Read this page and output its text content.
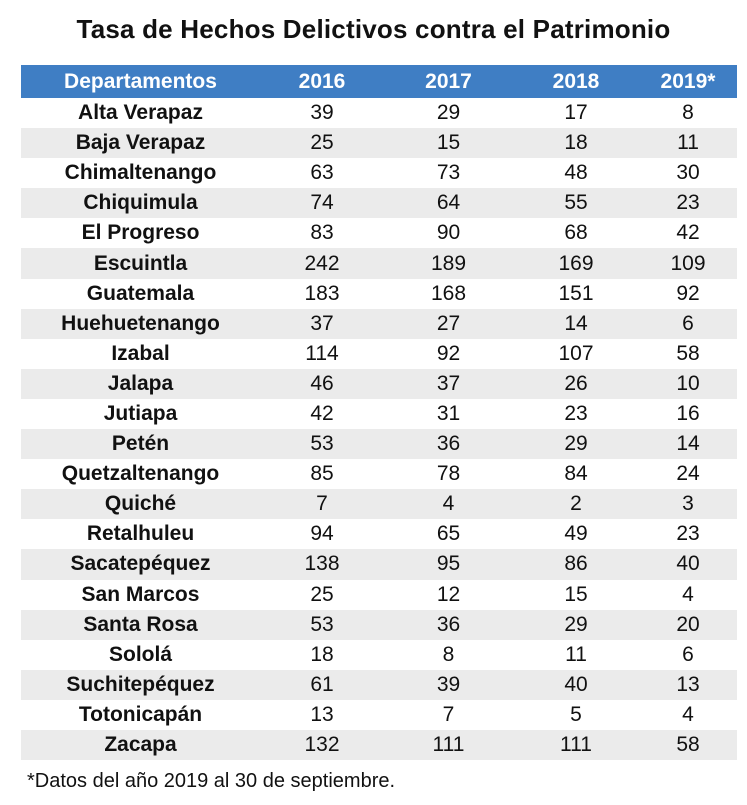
Tasa de Hechos Delictivos contra el Patrimonio
Departamentos	2016	2017	2018	2019*
Alta Verapaz	39	29	17	8
Baja Verapaz	25	15	18	11
Chimaltenango	63	73	48	30
Chiquimula	74	64	55	23
El Progreso	83	90	68	42
Escuintla	242	189	169	109
Guatemala	183	168	151	92
Huehuetenango	37	27	14	6
Izabal	114	92	107	58
Jalapa	46	37	26	10
Jutiapa	42	31	23	16
Petén	53	36	29	14
Quetzaltenango	85	78	84	24
Quiché	7	4	2	3
Retalhuleu	94	65	49	23
Sacatepéquez	138	95	86	40
San Marcos	25	12	15	4
Santa Rosa	53	36	29	20
Sololá	18	8	11	6
Suchitepéquez	61	39	40	13
Totonicapán	13	7	5	4
Zacapa	132	111	111	58
*Datos del año 2019 al 30 de septiembre.
